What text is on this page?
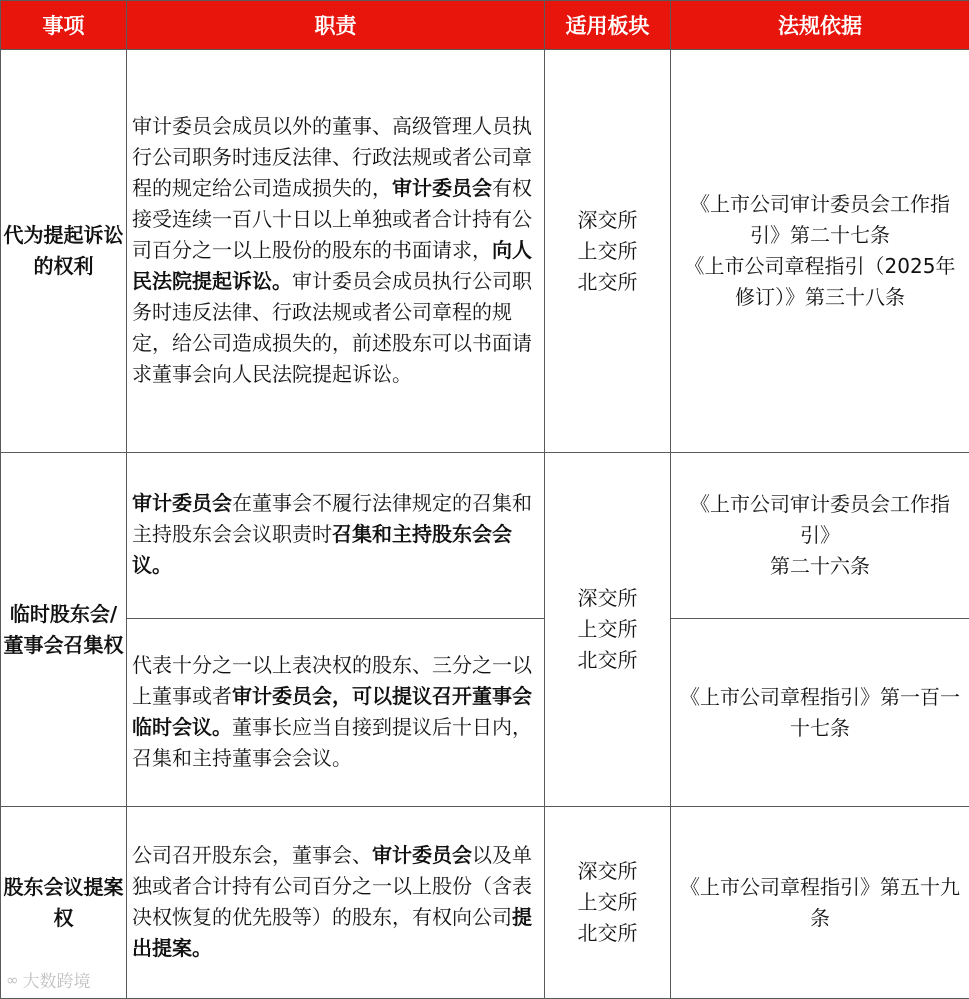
事项	职责	适用板块	法规依据
代为提起诉讼的权利	审计委员会成员以外的董事、高级管理人员执行公司职务时违反法律、行政法规或者公司章程的规定给公司造成损失的，审计委员会有权接受连续一百八十日以上单独或者合计持有公司百分之一以上股份的股东的书面请求，向人民法院提起诉讼。审计委员会成员执行公司职务时违反法律、行政法规或者公司章程的规定，给公司造成损失的，前述股东可以书面请求董事会向人民法院提起诉讼。	深交所
上交所
北交所	《上市公司审计委员会工作指引》第二十七条
《上市公司章程指引（2025年修订）》第三十八条

临时股东会/董事会召集权	审计委员会在董事会不履行法律规定的召集和主持股东会会议职责时召集和主持股东会会议。	深交所
上交所
北交所	《上市公司审计委员会工作指引》
第二十六条

	代表十分之一以上表决权的股东、三分之一以上董事或者审计委员会，可以提议召开董事会临时会议。董事长应当自接到提议后十日内，召集和主持董事会会议。		《上市公司章程指引》第一百一十七条
股东会议提案权	公司召开股东会，董事会、审计委员会以及单独或者合计持有公司百分之一以上股份（含表决权恢复的优先股等）的股东，有权向公司提出提案。	深交所
上交所
北交所	《上市公司章程指引》第五十九条
∞ 大数跨境
